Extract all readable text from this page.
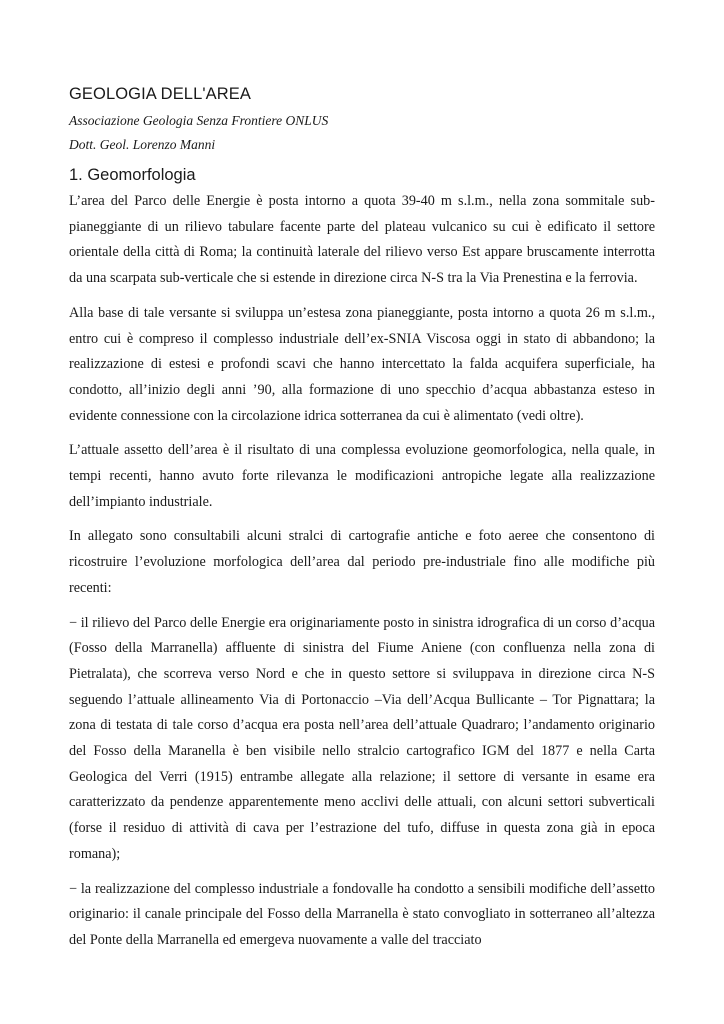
GEOLOGIA DELL'AREA
Associazione Geologia Senza Frontiere ONLUS
Dott. Geol. Lorenzo Manni
1. Geomorfologia

L’area del Parco delle Energie è posta intorno a quota 39-40 m s.l.m., nella zona sommitale sub-pianeggiante di un rilievo tabulare facente parte del plateau vulcanico su cui è edificato il settore orientale della città di Roma; la continuità laterale del rilievo verso Est appare bruscamente interrotta da una scarpata sub-verticale che si estende in direzione circa N-S tra la Via Prenestina e la ferrovia.

Alla base di tale versante si sviluppa un’estesa zona pianeggiante, posta intorno a quota 26 m s.l.m., entro cui è compreso il complesso industriale dell’ex-SNIA Viscosa oggi in stato di abbandono; la realizzazione di estesi e profondi scavi che hanno intercettato la falda acquifera superficiale, ha condotto, all’inizio degli anni ’90, alla formazione di uno specchio d’acqua abbastanza esteso in evidente connessione con la circolazione idrica sotterranea da cui è alimentato (vedi oltre).

L’attuale assetto dell’area è il risultato di una complessa evoluzione geomorfologica, nella quale, in tempi recenti, hanno avuto forte rilevanza le modificazioni antropiche legate alla realizzazione dell’impianto industriale.

In allegato sono consultabili alcuni stralci di cartografie antiche e foto aeree che consentono di ricostruire l’evoluzione morfologica dell’area dal periodo pre-industriale fino alle modifiche più recenti:

− il rilievo del Parco delle Energie era originariamente posto in sinistra idrografica di un corso d’acqua (Fosso della Marranella) affluente di sinistra del Fiume Aniene (con confluenza nella zona di Pietralata), che scorreva verso Nord e che in questo settore si sviluppava in direzione circa N-S seguendo l’attuale allineamento Via di Portonaccio –Via dell’Acqua Bullicante – Tor Pignattara; la zona di testata di tale corso d’acqua era posta nell’area dell’attuale Quadraro; l’andamento originario del Fosso della Maranella è ben visibile nello stralcio cartografico IGM del 1877 e nella Carta Geologica del Verri (1915) entrambe allegate alla relazione; il settore di versante in esame era caratterizzato da pendenze apparentemente meno acclivi delle attuali, con alcuni settori subverticali (forse il residuo di attività di cava per l’estrazione del tufo, diffuse in questa zona già in epoca romana);

− la realizzazione del complesso industriale a fondovalle ha condotto a sensibili modifiche dell’assetto originario: il canale principale del Fosso della Marranella è stato convogliato in sotterraneo all’altezza del Ponte della Marranella ed emergeva nuovamente a valle del tracciato
